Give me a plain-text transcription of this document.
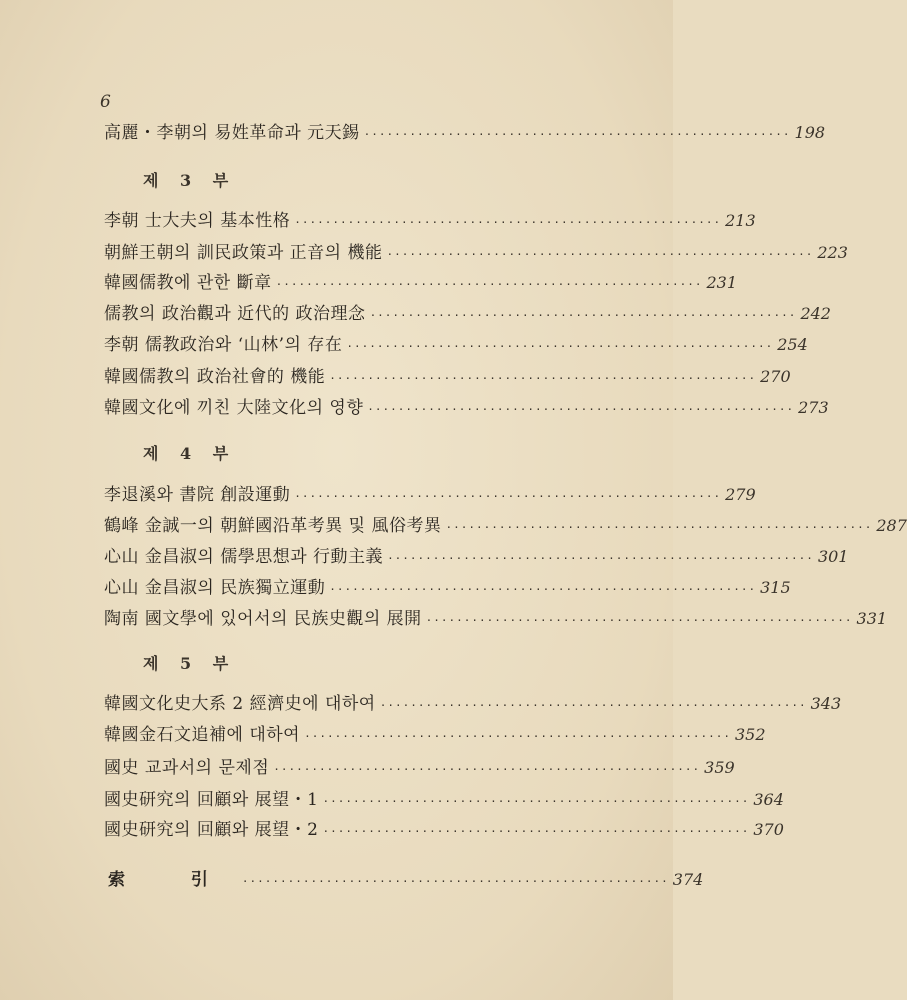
6
高麗・李朝의 易姓革命과 元天錫 ························································ 198
제 3 부
李朝 士大夫의 基本性格 ························································ 213
朝鮮王朝의 訓民政策과 正音의 機能 ························································ 223
韓國儒教에 관한 斷章 ························································ 231
儒教의 政治觀과 近代的 政治理念 ························································ 242
李朝 儒教政治와 ‘山林’의 存在 ························································ 254
韓國儒教의 政治社會的 機能 ························································ 270
韓國文化에 끼친 大陸文化의 영향 ························································ 273
제 4 부
李退溪와 書院 創設運動 ························································ 279
鶴峰 金誠一의 朝鮮國沿革考異 및 風俗考異 ························································ 287
心山 金昌淑의 儒學思想과 行動主義 ························································ 301
心山 金昌淑의 民族獨立運動 ························································ 315
陶南 國文學에 있어서의 民族史觀의 展開 ························································ 331
제 5 부
韓國文化史大系 2 經濟史에 대하여 ························································ 343
韓國金石文追補에 대하여 ························································ 352
國史 교과서의 문제점 ························································ 359
國史研究의 回顧와 展望・1 ························································ 364
國史研究의 回顧와 展望・2 ························································ 370
索 引 ························································ 374
